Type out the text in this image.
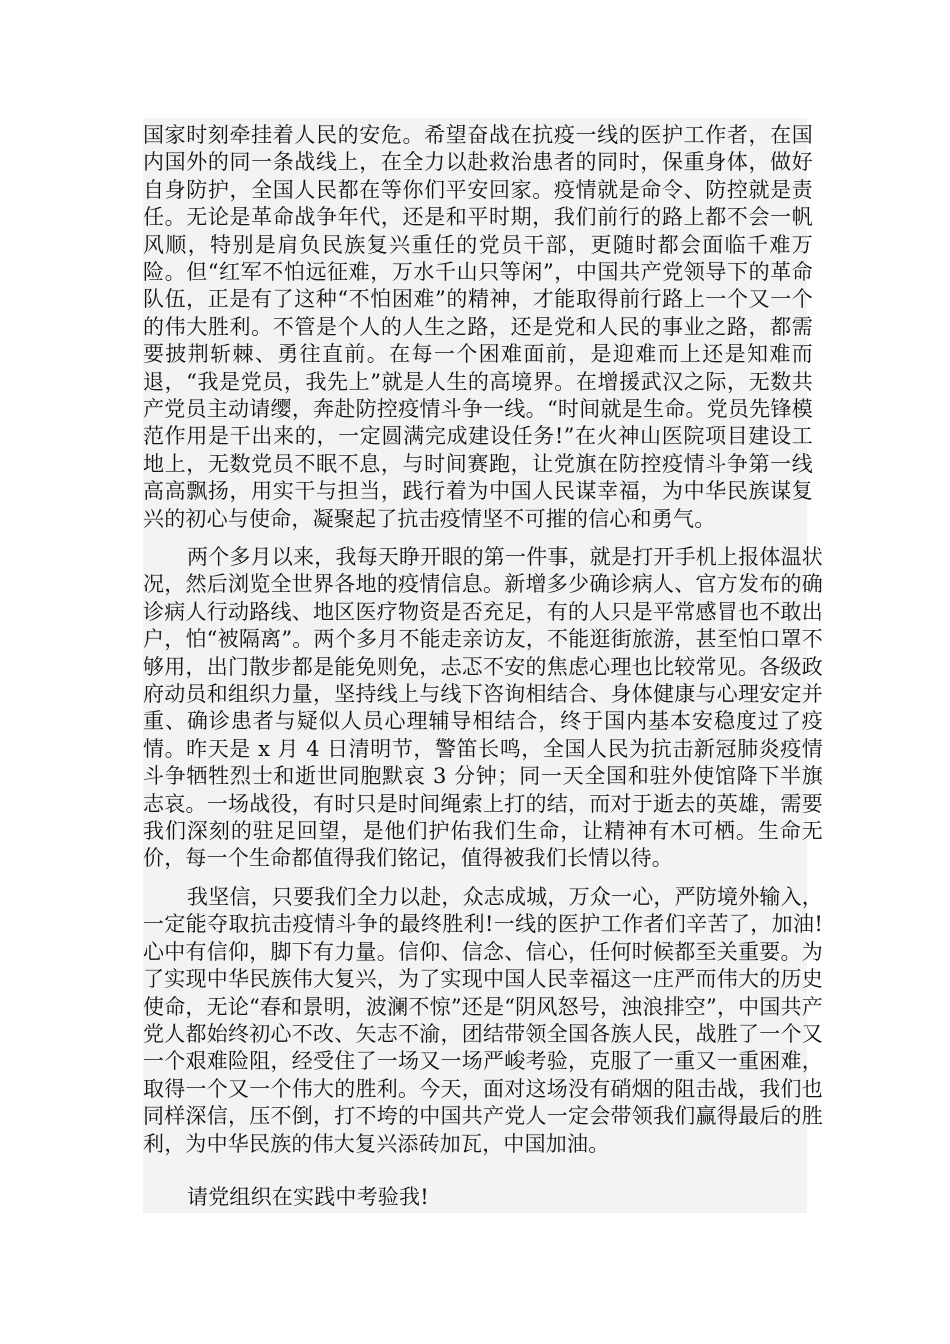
国家时刻牵挂着人民的安危。希望奋战在抗疫一线的医护工作者，在国内国外的同一条战线上，在全力以赴救治患者的同时，保重身体，做好自身防护，全国人民都在等你们平安回家。疫情就是命令、防控就是责任。无论是革命战争年代，还是和平时期，我们前行的路上都不会一帆风顺，特别是肩负民族复兴重任的党员干部，更随时都会面临千难万险。但“红军不怕远征难，万水千山只等闲”，中国共产党领导下的革命队伍，正是有了这种“不怕困难”的精神，才能取得前行路上一个又一个的伟大胜利。不管是个人的人生之路，还是党和人民的事业之路，都需要披荆斩棘、勇往直前。在每一个困难面前，是迎难而上还是知难而退，“我是党员，我先上”就是人生的高境界。在增援武汉之际，无数共产党员主动请缨，奔赴防控疫情斗争一线。“时间就是生命。党员先锋模范作用是干出来的，一定圆满完成建设任务!”在火神山医院项目建设工地上，无数党员不眠不息，与时间赛跑，让党旗在防控疫情斗争第一线高高飘扬，用实干与担当，践行着为中国人民谋幸福，为中华民族谋复兴的初心与使命，凝聚起了抗击疫情坚不可摧的信心和勇气。

两个多月以来，我每天睁开眼的第一件事，就是打开手机上报体温状况，然后浏览全世界各地的疫情信息。新增多少确诊病人、官方发布的确诊病人行动路线、地区医疗物资是否充足，有的人只是平常感冒也不敢出户，怕“被隔离”。两个多月不能走亲访友，不能逛街旅游，甚至怕口罩不够用，出门散步都是能免则免，忐忑不安的焦虑心理也比较常见。各级政府动员和组织力量，坚持线上与线下咨询相结合、身体健康与心理安定并重、确诊患者与疑似人员心理辅导相结合，终于国内基本安稳度过了疫情。昨天是 x 月 4 日清明节，警笛长鸣，全国人民为抗击新冠肺炎疫情斗争牺牲烈士和逝世同胞默哀 3 分钟；同一天全国和驻外使馆降下半旗志哀。一场战役，有时只是时间绳索上打的结，而对于逝去的英雄，需要我们深刻的驻足回望，是他们护佑我们生命，让精神有木可栖。生命无价，每一个生命都值得我们铭记，值得被我们长情以待。

我坚信，只要我们全力以赴，众志成城，万众一心，严防境外输入，一定能夺取抗击疫情斗争的最终胜利!一线的医护工作者们辛苦了，加油!心中有信仰，脚下有力量。信仰、信念、信心，任何时候都至关重要。为了实现中华民族伟大复兴，为了实现中国人民幸福这一庄严而伟大的历史使命，无论“春和景明，波澜不惊”还是“阴风怒号，浊浪排空”，中国共产党人都始终初心不改、矢志不渝，团结带领全国各族人民，战胜了一个又一个艰难险阻，经受住了一场又一场严峻考验，克服了一重又一重困难，取得一个又一个伟大的胜利。今天，面对这场没有硝烟的阻击战，我们也同样深信，压不倒，打不垮的中国共产党人一定会带领我们赢得最后的胜利，为中华民族的伟大复兴添砖加瓦，中国加油。

请党组织在实践中考验我!
